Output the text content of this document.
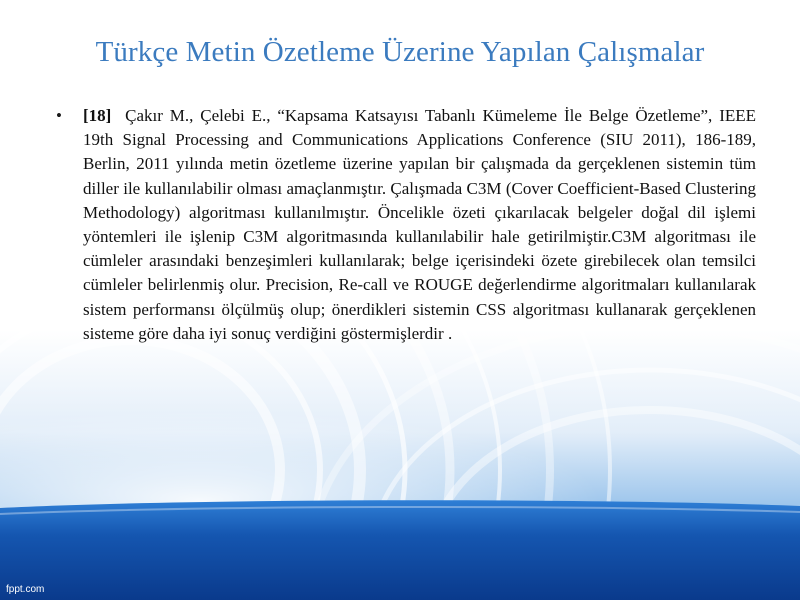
Türkçe Metin Özetleme Üzerine Yapılan Çalışmalar
•	[18] Çakır M., Çelebi E., “Kapsama Katsayısı Tabanlı Kümeleme İle Belge Özetleme”, IEEE 19th Signal Processing and Communications Applications Conference (SIU 2011), 186-189, Berlin, 2011 yılında metin özetleme üzerine yapılan bir çalışmada da gerçeklenen sistemin tüm diller ile kullanılabilir olması amaçlanmıştır. Çalışmada C3M (Cover Coefficient-Based Clustering Methodology) algoritması kullanılmıştır. Öncelikle özeti çıkarılacak belgeler doğal dil işlemi yöntemleri ile işlenip C3M algoritmasında kullanılabilir hale getirilmiştir.C3M algoritması ile cümleler arasındaki benzeşimleri kullanılarak; belge içerisindeki özete girebilecek olan temsilci cümleler belirlenmiş olur. Precision, Re-call ve ROUGE değerlendirme algoritmaları kullanılarak sistem performansı ölçülmüş olup; önerdikleri sistemin CSS algoritması kullanarak gerçeklenen sisteme göre daha iyi sonuç verdiğini göstermişlerdir .
fppt.com
